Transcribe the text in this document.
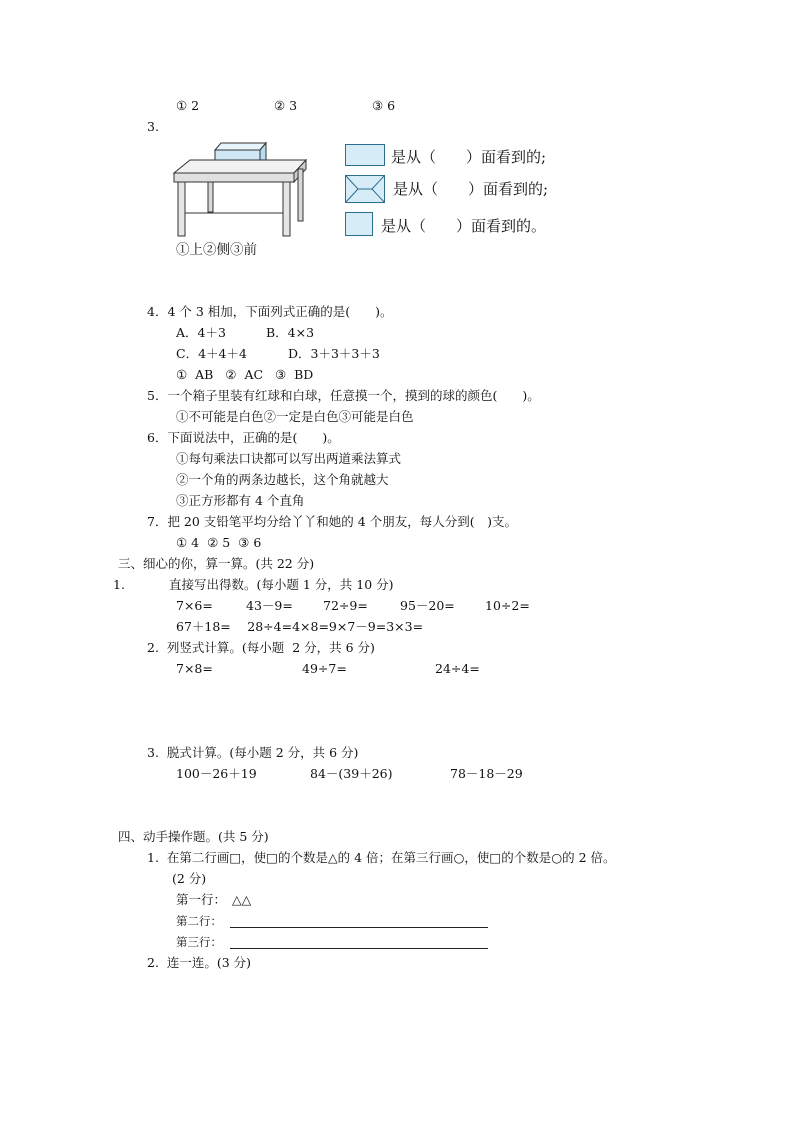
① 2	② 3	③ 6
3.
①上②侧③前
是从（　　）面看到的;
是从（　　）面看到的;
是从（　　）面看到的。
4．4 个 3 相加，下面列式正确的是(　　)。
A．4＋3	B．4×3
C．4＋4＋4	D．3＋3＋3＋3
①  AB   ②  AC   ③  BD
5．一个箱子里装有红球和白球，任意摸一个，摸到的球的颜色(　　)。
①不可能是白色②一定是白色③可能是白色
6．下面说法中，正确的是(　　)。
①每句乘法口诀都可以写出两道乘法算式
②一个角的两条边越长，这个角就越大
③正方形都有 4 个直角
7．把 20 支铅笔平均分给丫丫和她的 4 个朋友，每人分到(　)支。
① 4  ② 5  ③ 6
三、细心的你，算一算。(共 22 分)
1.	直接写出得数。(每小题 1 分，共 10 分)
7×6=	43－9= 72÷9=	95－20= 10÷2=
67＋18=　 28÷4=4×8=9×7－9=3×3=
2.  列竖式计算。(每小题  2 分，共 6 分)
7×8=	49÷7=	24÷4=
3.  脱式计算。(每小题 2 分，共 6 分)
100－26＋19	84－(39＋26)	78－18－29
四、动手操作题。(共 5 分)
1.  在第二行画□，使□的个数是△的 4 倍；在第三行画○，使□的个数是○的 2 倍。
(2 分)
第一行： △△
第二行：
第三行：
2.  连一连。(3 分)
